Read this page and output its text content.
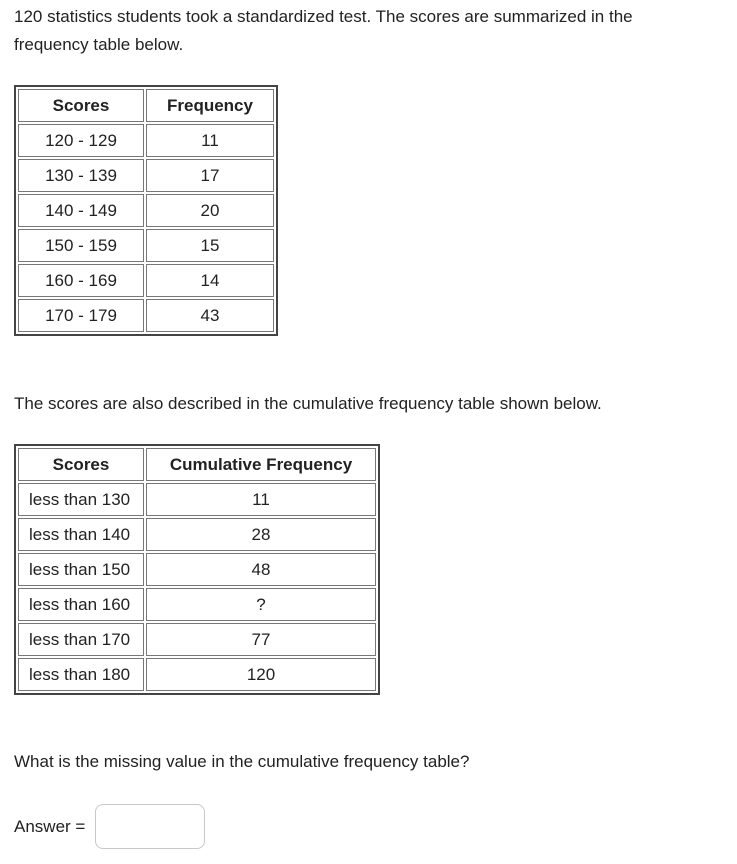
120 statistics students took a standardized test. The scores are summarized in the frequency table below.

Scores	Frequency
120 - 129	11
130 - 139	17
140 - 149	20
150 - 159	15
160 - 169	14
170 - 179	43

The scores are also described in the cumulative frequency table shown below.

Scores	Cumulative Frequency
less than 130	11
less than 140	28
less than 150	48
less than 160	?
less than 170	77
less than 180	120

What is the missing value in the cumulative frequency table?

Answer =
